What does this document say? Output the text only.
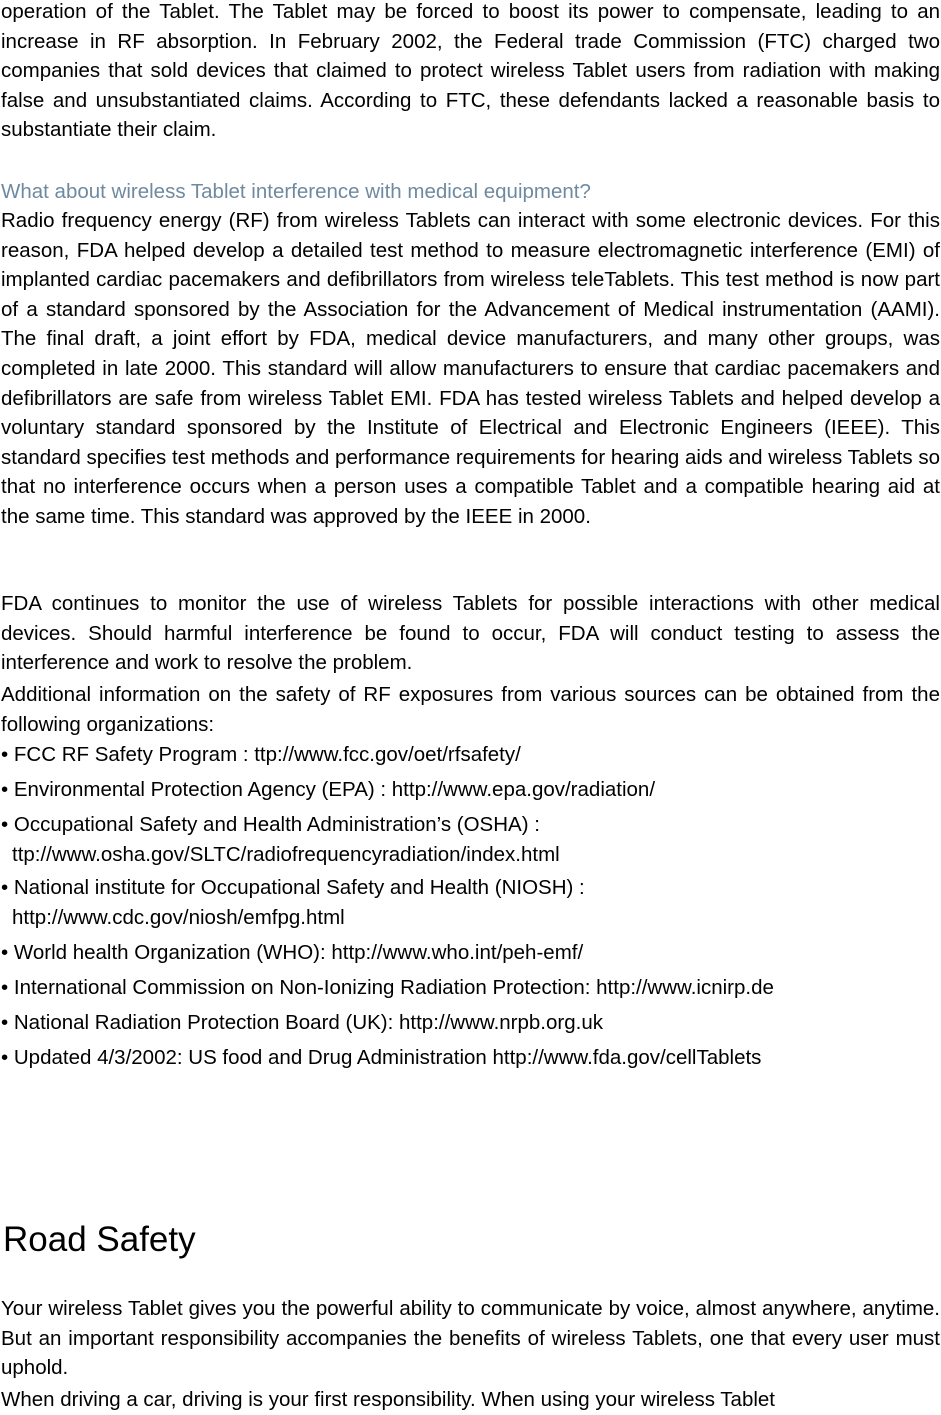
operation of the Tablet. The Tablet may be forced to boost its power to compensate, leading to an increase in RF absorption. In February 2002, the Federal trade Commission (FTC) charged two companies that sold devices that claimed to protect wireless Tablet users from radiation with making false and unsubstantiated claims. According to FTC, these defendants lacked a reasonable basis to substantiate their claim.

What about wireless Tablet interference with medical equipment?

Radio frequency energy (RF) from wireless Tablets can interact with some electronic devices. For this reason, FDA helped develop a detailed test method to measure electromagnetic interference (EMI) of implanted cardiac pacemakers and defibrillators from wireless teleTablets. This test method is now part of a standard sponsored by the Association for the Advancement of Medical instrumentation (AAMI). The final draft, a joint effort by FDA, medical device manufacturers, and many other groups, was completed in late 2000. This standard will allow manufacturers to ensure that cardiac pacemakers and defibrillators are safe from wireless Tablet EMI. FDA has tested wireless Tablets and helped develop a voluntary standard sponsored by the Institute of Electrical and Electronic Engineers (IEEE). This standard specifies test methods and performance requirements for hearing aids and wireless Tablets so that no interference occurs when a person uses a compatible Tablet and a compatible hearing aid at the same time. This standard was approved by the IEEE in 2000.

FDA continues to monitor the use of wireless Tablets for possible interactions with other medical devices. Should harmful interference be found to occur, FDA will conduct testing to assess the interference and work to resolve the problem.

Additional information on the safety of RF exposures from various sources can be obtained from the following organizations:

• FCC RF Safety Program : ttp://www.fcc.gov/oet/rfsafety/
• Environmental Protection Agency (EPA) : http://www.epa.gov/radiation/
• Occupational Safety and Health Administration’s (OSHA) :
ttp://www.osha.gov/SLTC/radiofrequencyradiation/index.html
• National institute for Occupational Safety and Health (NIOSH) :
http://www.cdc.gov/niosh/emfpg.html
• World health Organization (WHO): http://www.who.int/peh-emf/
• International Commission on Non-Ionizing Radiation Protection: http://www.icnirp.de
• National Radiation Protection Board (UK): http://www.nrpb.org.uk
• Updated 4/3/2002: US food and Drug Administration http://www.fda.gov/cellTablets
Road Safety

Your wireless Tablet gives you the powerful ability to communicate by voice, almost anywhere, anytime. But an important responsibility accompanies the benefits of wireless Tablets, one that every user must uphold.

When driving a car, driving is your first responsibility. When using your wireless Tablet
